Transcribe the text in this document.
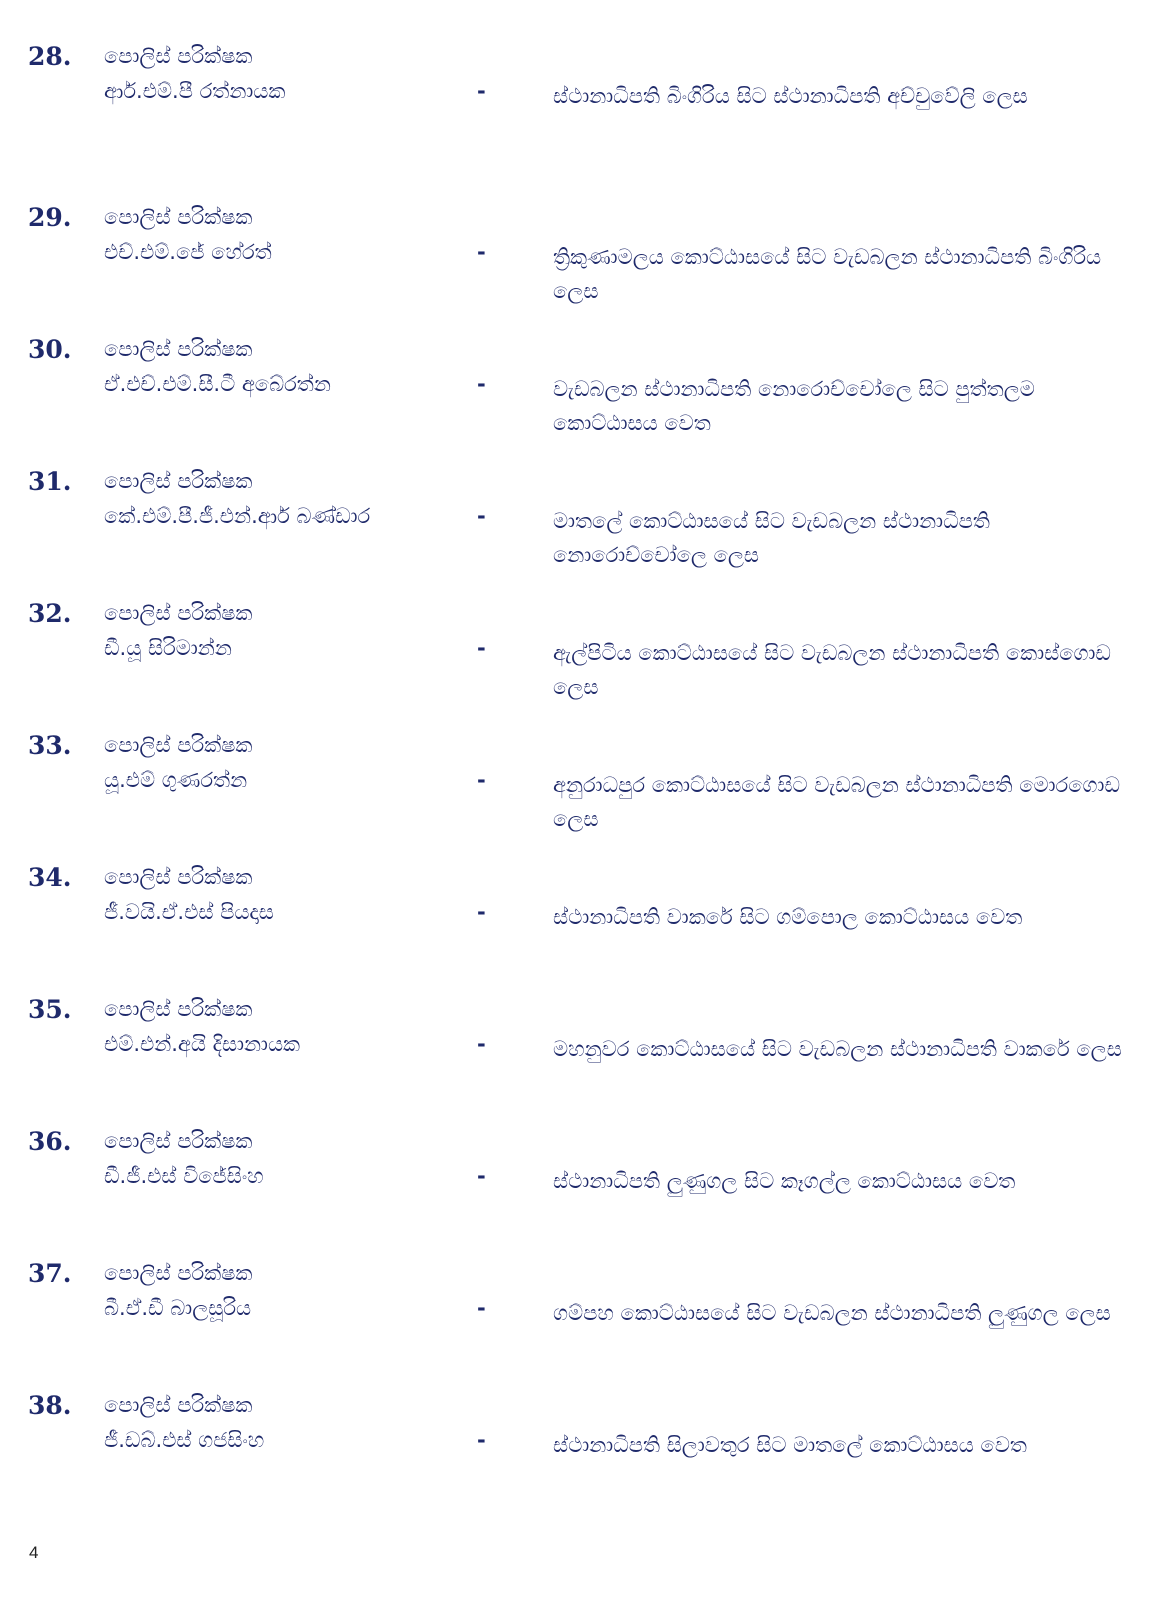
28. පොලිස් පරික්ෂක
ආර්.එම්.පී රත්නායක	-	ස්ථානාධිපති බිංගිරිය සිට ස්ථානාධිපති අච්චුවේලි ලෙස
29. පොලිස් පරික්ෂක
එච්.එම්.ජේ හේරත්	-	ත්‍රිකුණාමලය කොට්ඨාසයේ සිට වැඩබලන ස්ථානාධිපති බිංගිරිය ලෙස
30. පොලිස් පරික්ෂක
ඒ.එච්.එම්.සී.ටී අබේරත්න	-	වැඩබලන ස්ථානාධිපති නොරොච්චෝලෙ සිට පුත්තලම කොට්ඨාසය වෙත
31. පොලිස් පරික්ෂක
කේ.එම්.පී.ජී.එන්.ආර් බණ්ඩාර	-	මාතලේ කොට්ඨාසයේ සිට වැඩබලන ස්ථානාධිපති නොරොච්චෝලෙ ලෙස
32. පොලිස් පරික්ෂක
ඩී.යූ සිරිමාන්න	-	ඇල්පිටිය කොට්ඨාසයේ සිට වැඩබලන ස්ථානාධිපති කොස්ගොඩ ලෙස
33. පොලිස් පරික්ෂක
යූ.එම් ගුණරත්න	-	අනුරාධපුර කොට්ඨාසයේ සිට වැඩබලන ස්ථානාධිපති මොරගොඩ ලෙස
34. පොලිස් පරික්ෂක
ජී.වයි.ඒ.එස් පියදාස	-	ස්ථානාධිපති වාකරේ සිට ගම්පොල කොට්ඨාසය වෙත
35. පොලිස් පරික්ෂක
එම්.එන්.අයි දිසානායක	-	මහනුවර කොට්ඨාසයේ සිට වැඩබලන ස්ථානාධිපති වාකරේ ලෙස
36. පොලිස් පරික්ෂක
ඩී.ජී.එස් විජේසිංහ	-	ස්ථානාධිපති ලුණුගල සිට කෑගල්ල කොට්ඨාසය වෙත
37. පොලිස් පරික්ෂක
බී.ඒ.ඩී බාලසූරිය	-	ගම්පහ කොට්ඨාසයේ සිට වැඩබලන ස්ථානාධිපති ලුණුගල ලෙස
38. පොලිස් පරික්ෂක
ජී.ඩබ්.එස් ගජසිංහ	-	ස්ථානාධිපති සිලාවතුර සිට මාතලේ කොට්ඨාසය වෙත
4
